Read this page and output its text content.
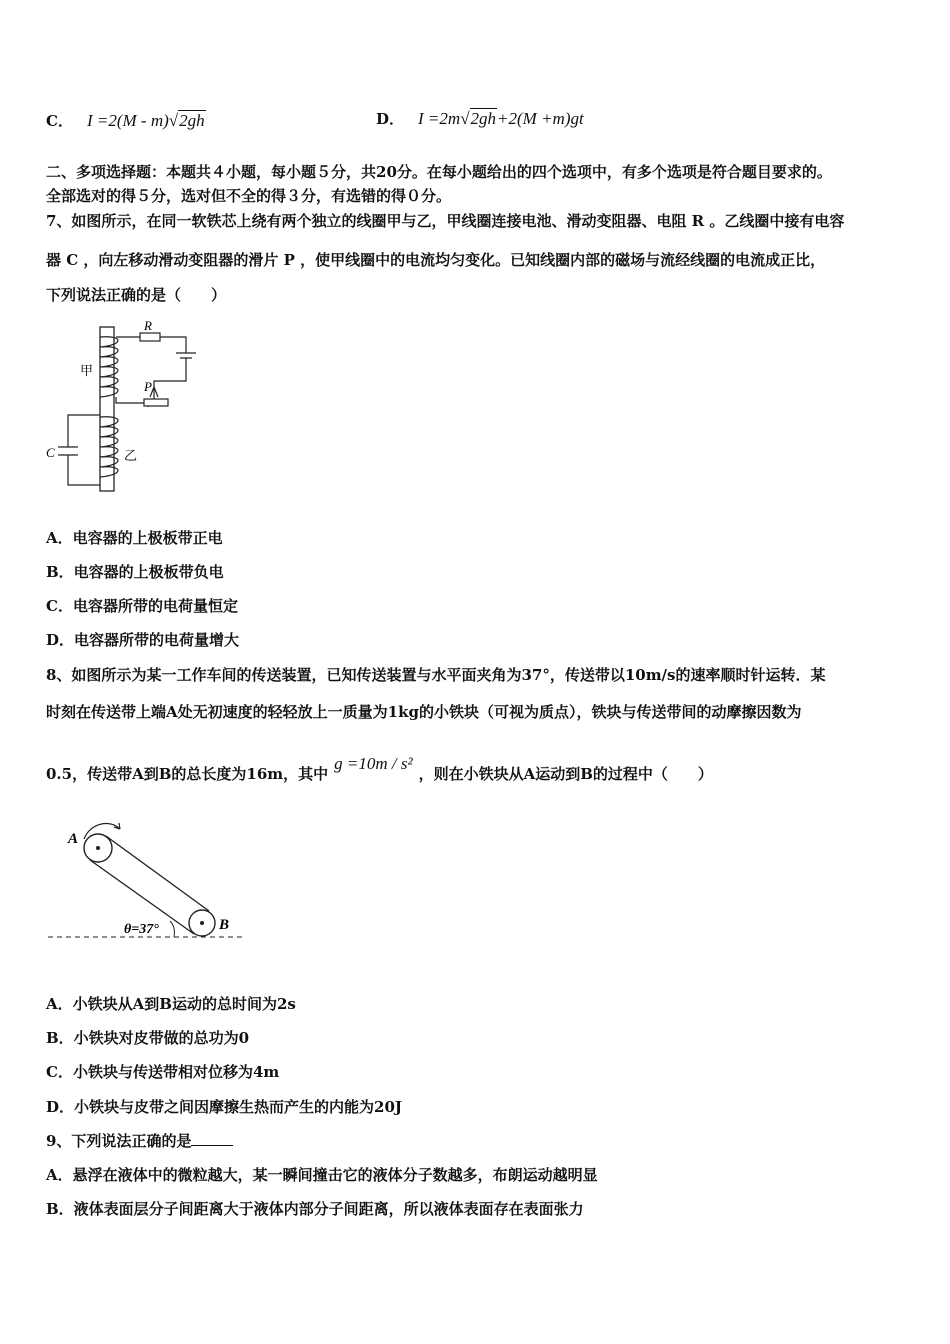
C． I =2(M - m)√2gh	D． I =2m√2gh+2(M +m)gt
二、多项选择题：本题共４小题，每小题５分，共20分。在每小题给出的四个选项中，有多个选项是符合题目要求的。
全部选对的得５分，选对但不全的得３分，有选错的得０分。
7、如图所示，在同一软铁芯上绕有两个独立的线圈甲与乙，甲线圈连接电池、滑动变阻器、电阻 R 。乙线圈中接有电容
器 C ，向左移动滑动变阻器的滑片 P ，使甲线圈中的电流均匀变化。已知线圈内部的磁场与流经线圈的电流成正比，
下列说法正确的是（　　）
R
P
甲
乙
C
A．电容器的上极板带正电
B．电容器的上极板带负电
C．电容器所带的电荷量恒定
D．电容器所带的电荷量增大
8、如图所示为某一工作车间的传送装置，已知传送装置与水平面夹角为37°，传送带以10m/s的速率顺时针运转．某
时刻在传送带上端A处无初速度的轻轻放上一质量为1kg的小铁块（可视为质点），铁块与传送带间的动摩擦因数为
0.5，传送带A到B的总长度为16m，其中g =10m / s²，则在小铁块从A运动到B的过程中（　　）
A
B
θ=37°
A．小铁块从A到B运动的总时间为2s
B．小铁块对皮带做的总功为0
C．小铁块与传送带相对位移为4m
D．小铁块与皮带之间因摩擦生热而产生的内能为20J
9、下列说法正确的是
A．悬浮在液体中的微粒越大，某一瞬间撞击它的液体分子数越多，布朗运动越明显
B．液体表面层分子间距离大于液体内部分子间距离，所以液体表面存在表面张力
